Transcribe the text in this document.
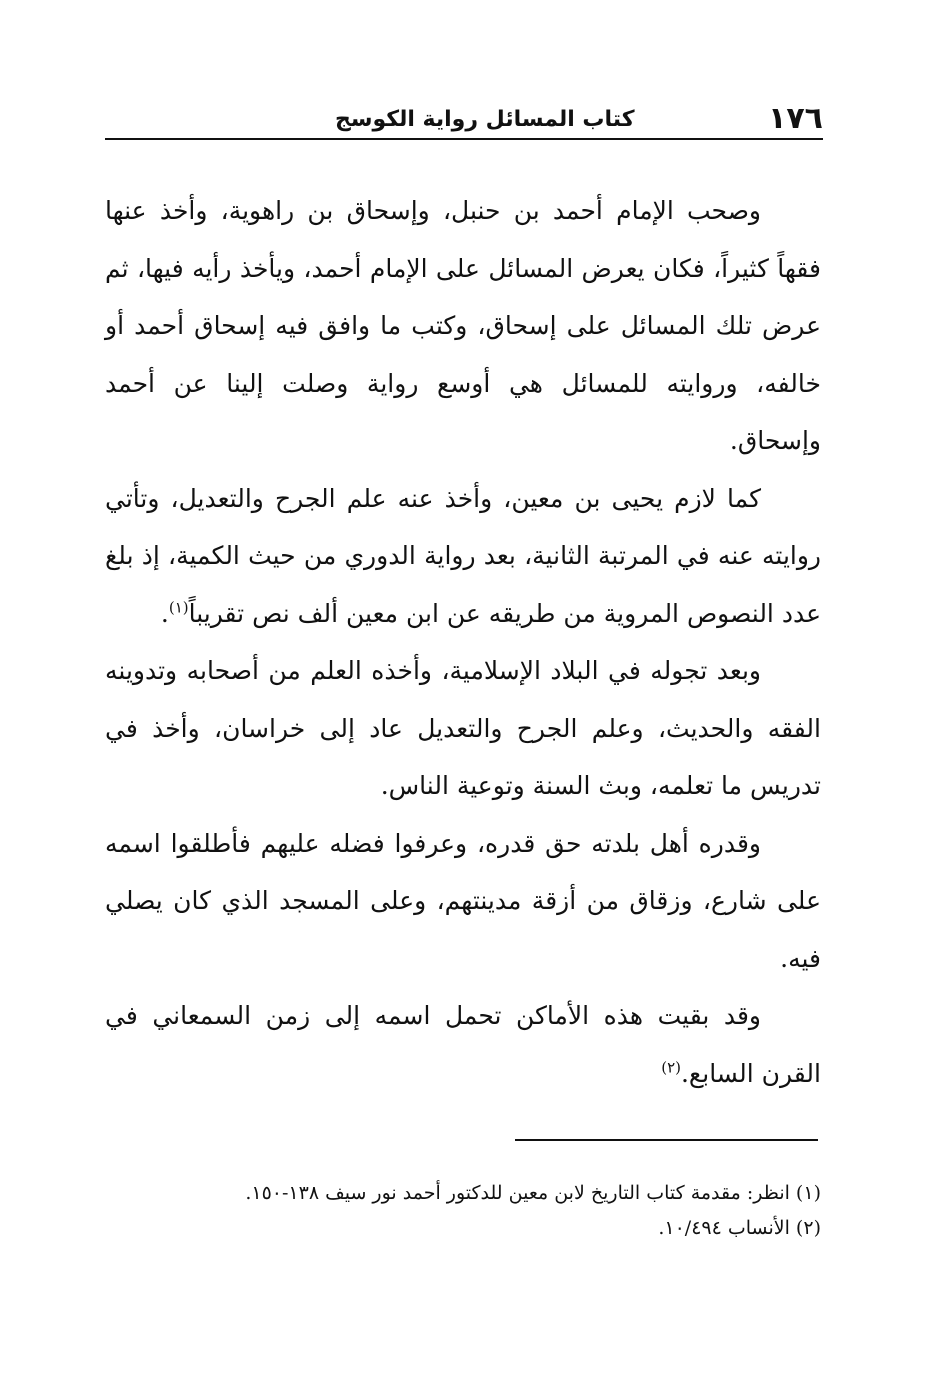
١٧٦
كتاب المسائل رواية الكوسج

وصحب الإمام أحمد بن حنبل، وإسحاق بن راهوية، وأخذ عنها فقهاً كثيراً، فكان يعرض المسائل على الإمام أحمد، ويأخذ رأيه فيها، ثم عرض تلك المسائل على إسحاق، وكتب ما وافق فيه إسحاق أحمد أو خالفه، وروايته للمسائل هي أوسع رواية وصلت إلينا عن أحمد وإسحاق.

كما لازم يحيى بن معين، وأخذ عنه علم الجرح والتعديل، وتأتي روايته عنه في المرتبة الثانية، بعد رواية الدوري من حيث الكمية، إذ بلغ عدد النصوص المروية من طريقه عن ابن معين ألف نص تقريباً$^{(١)}$.

وبعد تجوله في البلاد الإسلامية، وأخذه العلم من أصحابه وتدوينه الفقه والحديث، وعلم الجرح والتعديل عاد إلى خراسان، وأخذ في تدريس ما تعلمه، وبث السنة وتوعية الناس.

وقدره أهل بلدته حق قدره، وعرفوا فضله عليهم فأطلقوا اسمه على شارع، وزقاق من أزقة مدينتهم، وعلى المسجد الذي كان يصلي فيه.

وقد بقيت هذه الأماكن تحمل اسمه إلى زمن السمعاني في القرن السابع.$^{(٢)}$

(١) انظر: مقدمة كتاب التاريخ لابن معين للدكتور أحمد نور سيف ١٣٨-١٥٠.

(٢) الأنساب ١٠/٤٩٤.
